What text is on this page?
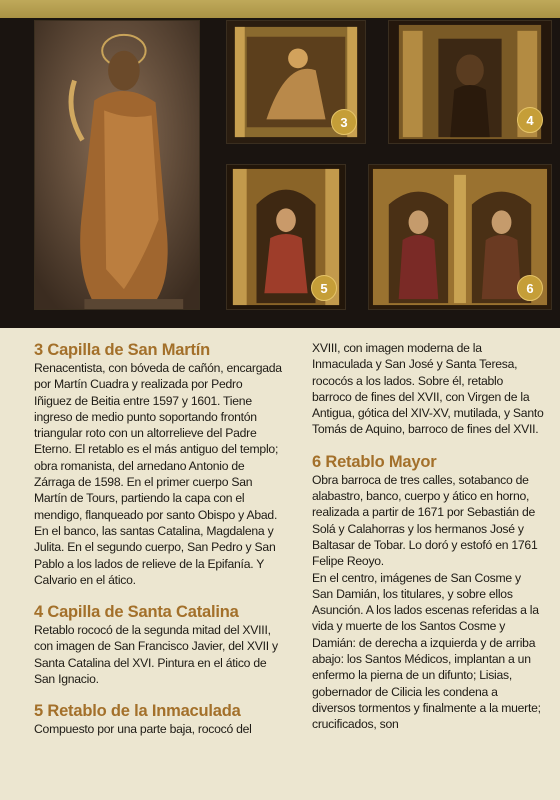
3	4
5	6
3 Capilla de San Martín
Renacentista, con bóveda de cañón, encargada por Martín Cuadra y realizada por Pedro Iñiguez de Beitia entre 1597 y 1601. Tiene ingreso de medio punto soportando frontón triangular roto con un altorrelieve del Padre Eterno. El retablo es el más antiguo del templo; obra romanista, del arnedano Antonio de Zárraga de 1598. En el primer cuerpo San Martín de Tours, partiendo la capa con el mendigo, flanqueado por santo Obispo y Abad. En el banco, las santas Catalina, Magdalena y Julita. En el segundo cuerpo, San Pedro y San Pablo a los lados de relieve de la Epifanía. Y Calvario en el ático.
4 Capilla de Santa Catalina
Retablo rococó de la segunda mitad del XVIII, con imagen de San Francisco Javier, del XVII y Santa Catalina del XVI. Pintura en el ático de San Ignacio.
5 Retablo de la Inmaculada
Compuesto por una parte baja, rococó del
XVIII, con imagen moderna de la Inmaculada y San José y Santa Teresa, rococós a los lados. Sobre él, retablo barroco de fines del XVII, con Virgen de la Antigua, gótica del XIV-XV, mutilada, y Santo Tomás de Aquino, barroco de fines del XVII.
6 Retablo Mayor

Obra barroca de tres calles, sotabanco de alabastro, banco, cuerpo y ático en horno, realizada a partir de 1671 por Sebastián de Solá y Calahorras y los hermanos José y Baltasar de Tobar. Lo doró y estofó en 1761 Felipe Reoyo.

En el centro, imágenes de San Cosme y San Damián, los titulares, y sobre ellos Asunción. A los lados escenas referidas a la vida y muerte de los Santos Cosme y Damián: de derecha a izquierda y de arriba abajo: los Santos Médicos, implantan a un enfermo la pierna de un difunto; Lisias, gobernador de Cilicia les condena a diversos tormentos y finalmente a la muerte; crucificados, son
